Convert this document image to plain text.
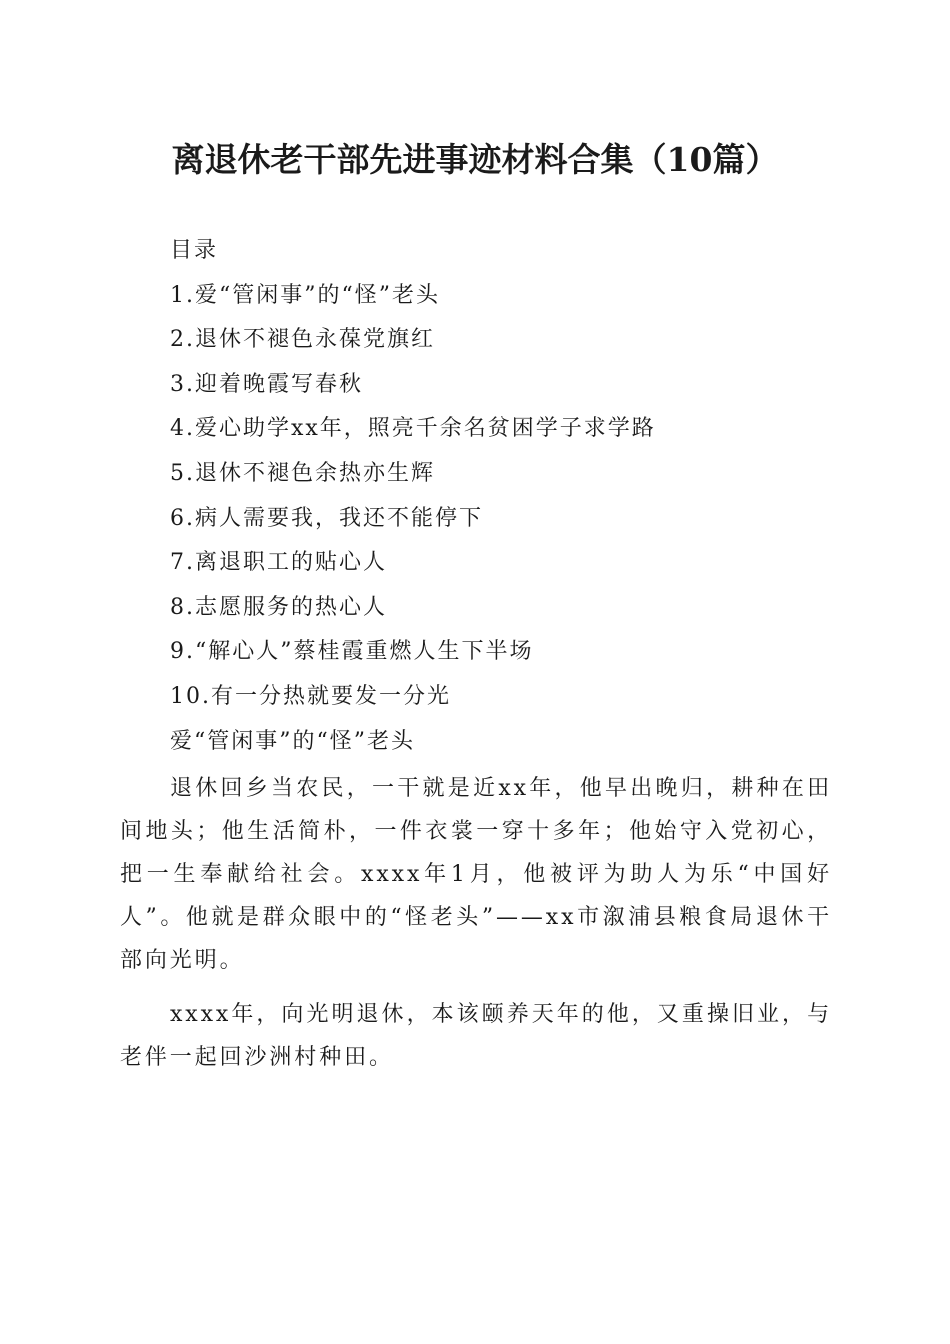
离退休老干部先进事迹材料合集（10篇）
目录
1.爱“管闲事”的“怪”老头
2.退休不褪色永葆党旗红
3.迎着晚霞写春秋
4.爱心助学xx年，照亮千余名贫困学子求学路
5.退休不褪色余热亦生辉
6.病人需要我，我还不能停下
7.离退职工的贴心人
8.志愿服务的热心人
9.“解心人”蔡桂霞重燃人生下半场
10.有一分热就要发一分光
爱“管闲事”的“怪”老头

退休回乡当农民，一干就是近xx年，他早出晚归，耕种在田间地头；他生活简朴，一件衣裳一穿十多年；他始守入党初心，把一生奉献给社会。xxxx年1月，他被评为助人为乐“中国好人”。他就是群众眼中的“怪老头”——xx市溆浦县粮食局退休干部向光明。

xxxx年，向光明退休，本该颐养天年的他，又重操旧业，与老伴一起回沙洲村种田。
